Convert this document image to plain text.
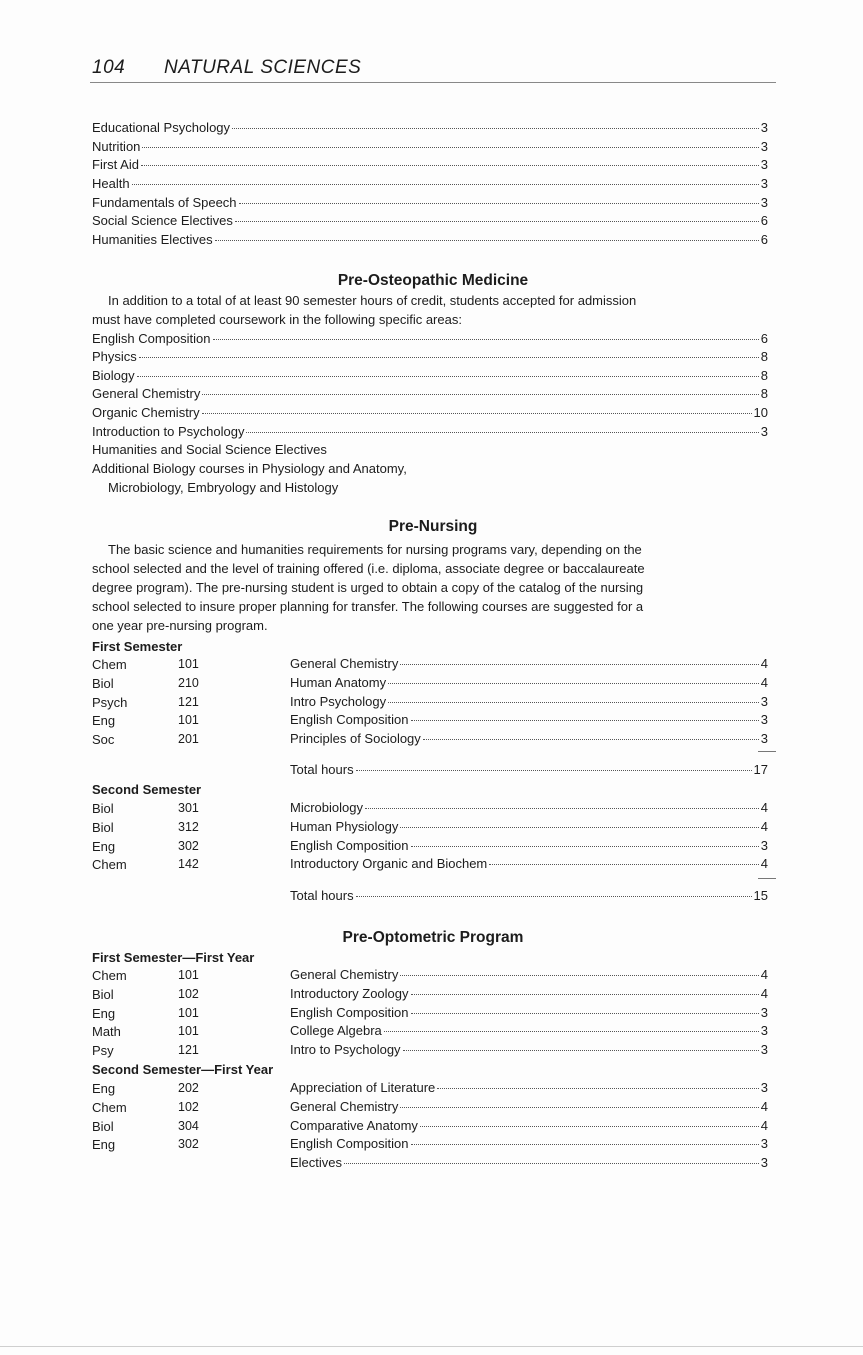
104 NATURAL SCIENCES
Educational Psychology	3
Nutrition	3
First Aid	3
Health	3
Fundamentals of Speech	3
Social Science Electives	6
Humanities Electives	6
Pre-Osteopathic Medicine
In addition to a total of at least 90 semester hours of credit, students accepted for admission
must have completed coursework in the following specific areas:
English Composition	6
Physics	8
Biology	8
General Chemistry	8
Organic Chemistry	10
Introduction to Psychology	3
Humanities and Social Science Electives
Additional Biology courses in Physiology and Anatomy,
Microbiology, Embryology and Histology
Pre-Nursing
The basic science and humanities requirements for nursing programs vary, depending on the
school selected and the level of training offered (i.e. diploma, associate degree or baccalaureate
degree program). The pre-nursing student is urged to obtain a copy of the catalog of the nursing
school selected to insure proper planning for transfer. The following courses are suggested for a
one year pre-nursing program.
First Semester
Chem	101	General Chemistry	4
Biol	210	Human Anatomy	4
Psych	121	Intro Psychology	3
Eng	101	English Composition	3
Soc	201	Principles of Sociology	3
Total hours	17
Second Semester
Biol	301	Microbiology	4
Biol	312	Human Physiology	4
Eng	302	English Composition	3
Chem	142	Introductory Organic and Biochem	4
Total hours	15
Pre-Optometric Program
First Semester—First Year
Chem	101	General Chemistry	4
Biol	102	Introductory Zoology	4
Eng	101	English Composition	3
Math	101	College Algebra	3
Psy	121	Intro to Psychology	3
Second Semester—First Year
Eng	202	Appreciation of Literature	3
Chem	102	General Chemistry	4
Biol	304	Comparative Anatomy	4
Eng	302	English Composition	3
Electives	3
